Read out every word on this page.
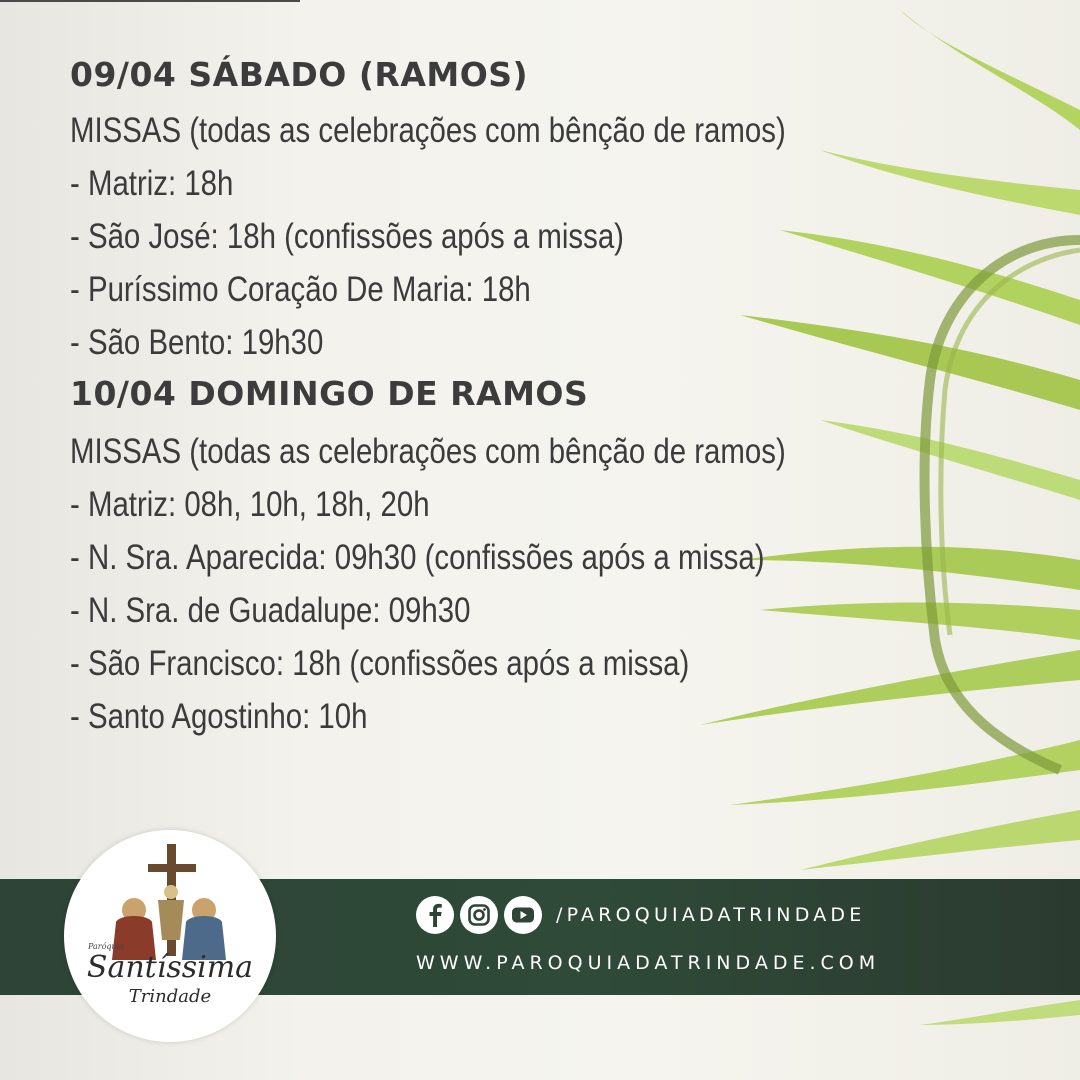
09/04 SÁBADO (RAMOS)
MISSAS (todas as celebrações com bênção de ramos)
- Matriz: 18h
- São José: 18h (confissões após a missa)
- Puríssimo Coração De Maria: 18h
- São Bento: 19h30
10/04 DOMINGO DE RAMOS
MISSAS (todas as celebrações com bênção de ramos)
- Matriz: 08h, 10h, 18h, 20h
- N. Sra. Aparecida: 09h30 (confissões após a missa)
- N. Sra. de Guadalupe: 09h30
- São Francisco: 18h (confissões após a missa)
- Santo Agostinho: 10h
Paróquia
Santíssima
Trindade
/PAROQUIADATRINDADE
WWW.PAROQUIADATRINDADE.COM
